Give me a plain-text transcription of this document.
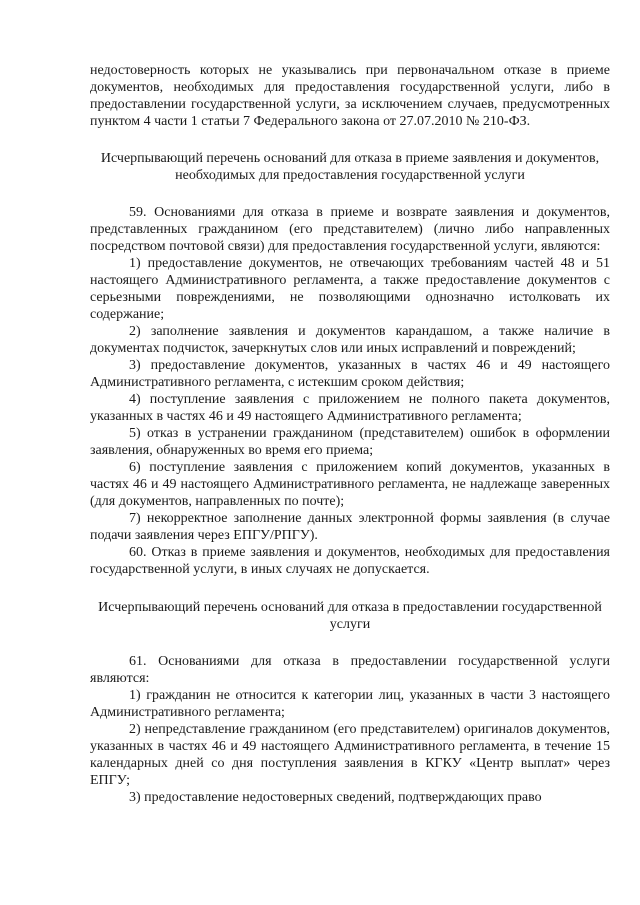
недостоверность которых не указывались при первоначальном отказе в приеме документов, необходимых для предоставления государственной услуги, либо в предоставлении государственной услуги, за исключением случаев, предусмотренных пунктом 4 части 1 статьи 7 Федерального закона от 27.07.2010 № 210-ФЗ.

Исчерпывающий перечень оснований для отказа в приеме заявления и документов, необходимых для предоставления государственной услуги

59. Основаниями для отказа в приеме и возврате заявления и документов, представленных гражданином (его представителем) (лично либо направленных посредством почтовой связи) для предоставления государственной услуги, являются:

1) предоставление документов, не отвечающих требованиям частей 48 и 51 настоящего Административного регламента, а также предоставление документов с серьезными повреждениями, не позволяющими однозначно истолковать их содержание;

2) заполнение заявления и документов карандашом, а также наличие в документах подчисток, зачеркнутых слов или иных исправлений и повреждений;

3) предоставление документов, указанных в частях 46 и 49 настоящего Административного регламента, с истекшим сроком действия;

4) поступление заявления с приложением не полного пакета документов, указанных в частях 46 и 49 настоящего Административного регламента;

5) отказ в устранении гражданином (представителем) ошибок в оформлении заявления, обнаруженных во время его приема;

6) поступление заявления с приложением копий документов, указанных в частях 46 и 49 настоящего Административного регламента, не надлежаще заверенных (для документов, направленных по почте);

7) некорректное заполнение данных электронной формы заявления (в случае подачи заявления через ЕПГУ/РПГУ).

60. Отказ в приеме заявления и документов, необходимых для предоставления государственной услуги, в иных случаях не допускается.

Исчерпывающий перечень оснований для отказа в предоставлении государственной услуги

61. Основаниями для отказа в предоставлении государственной услуги являются:

1) гражданин не относится к категории лиц, указанных в части 3 настоящего Административного регламента;

2) непредставление гражданином (его представителем) оригиналов документов, указанных в частях 46 и 49 настоящего Административного регламента, в течение 15 календарных дней со дня поступления заявления в КГКУ «Центр выплат» через ЕПГУ;

3) предоставление недостоверных сведений, подтверждающих право
